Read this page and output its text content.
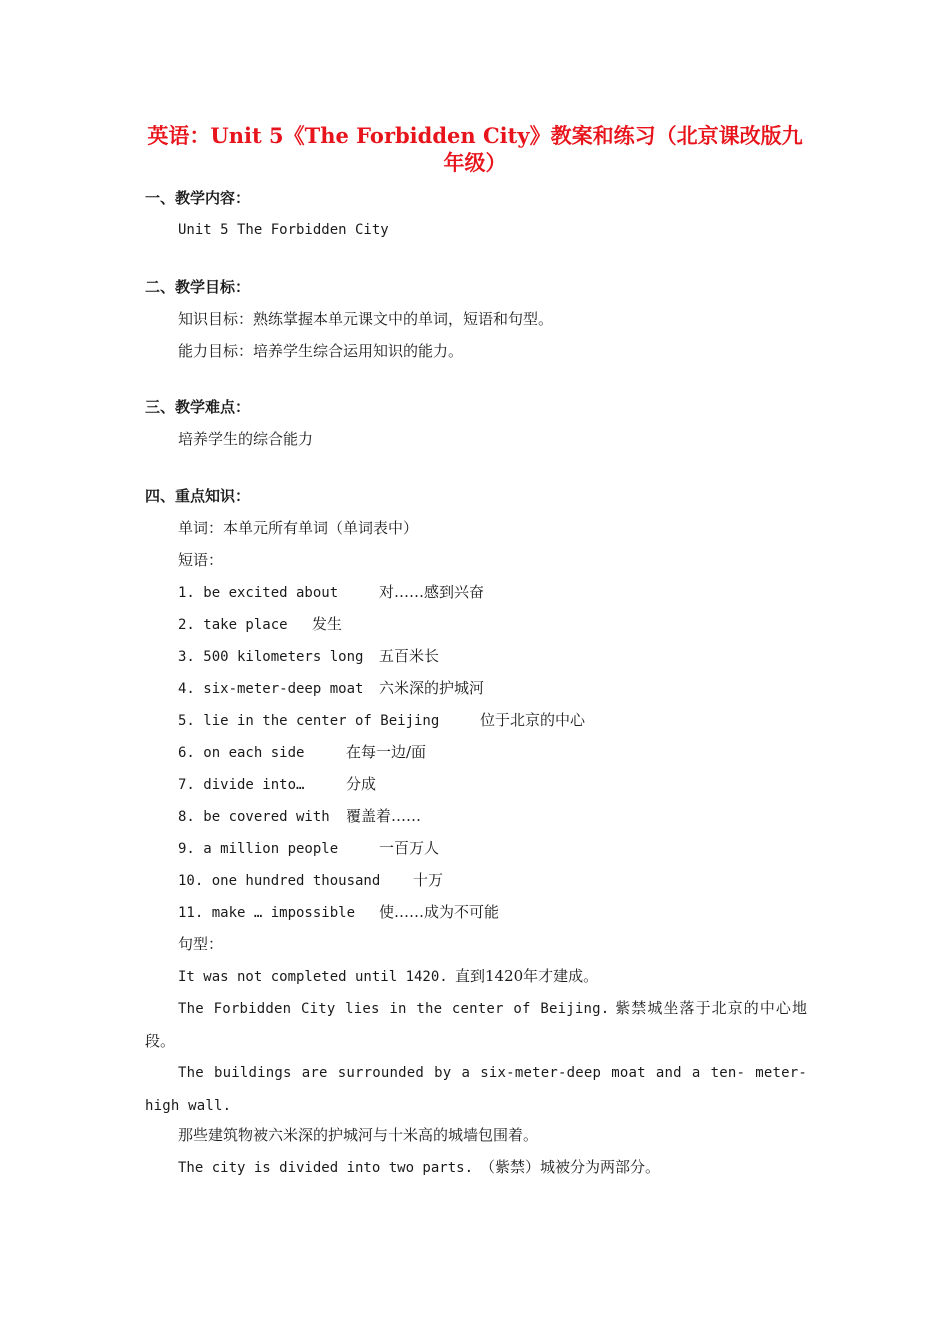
英语：Unit 5《The Forbidden City》教案和练习（北京课改版九年级）
一、教学内容：
Unit 5 The Forbidden City
二、教学目标：
知识目标：熟练掌握本单元课文中的单词，短语和句型。
能力目标：培养学生综合运用知识的能力。
三、教学难点：
培养学生的综合能力
四、重点知识：
单词：本单元所有单词（单词表中）
短语：
1. be excited about	对……感到兴奋
2. take place 发生
3. 500 kilometers long 五百米长
4. six-meter-deep moat 六米深的护城河
5. lie in the center of Beijing	位于北京的中心
6. on each side	在每一边/面
7. divide into…	分成
8. be covered with 覆盖着……
9. a million people	一百万人
10. one hundred thousand 十万
11. make … impossible 使……成为不可能
句型：
It was not completed until 1420. 直到1420年才建成。
The Forbidden City lies in the center of Beijing. 紫禁城坐落于北京的中心地段。
The buildings are surrounded by a six-meter-deep moat and a ten- meter-high wall.
那些建筑物被六米深的护城河与十米高的城墙包围着。
The city is divided into two parts. （紫禁）城被分为两部分。
